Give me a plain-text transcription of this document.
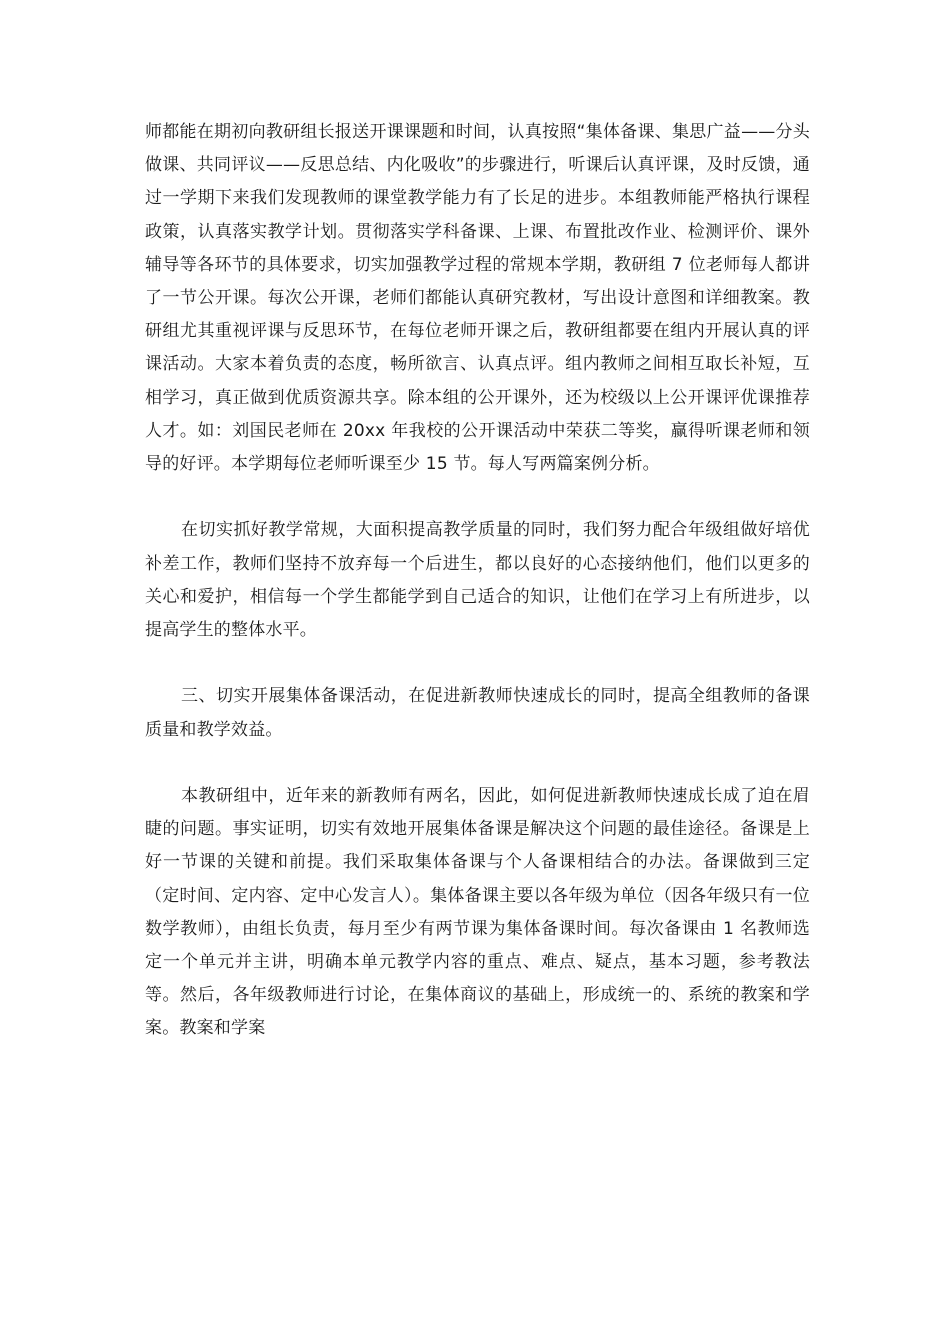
师都能在期初向教研组长报送开课课题和时间，认真按照“集体备课、集思广益——分头做课、共同评议——反思总结、内化吸收”的步骤进行，听课后认真评课，及时反馈，通过一学期下来我们发现教师的课堂教学能力有了长足的进步。本组教师能严格执行课程政策，认真落实教学计划。贯彻落实学科备课、上课、布置批改作业、检测评价、课外辅导等各环节的具体要求，切实加强教学过程的常规本学期，教研组 7 位老师每人都讲了一节公开课。每次公开课，老师们都能认真研究教材，写出设计意图和详细教案。教研组尤其重视评课与反思环节，在每位老师开课之后，教研组都要在组内开展认真的评课活动。大家本着负责的态度，畅所欲言、认真点评。组内教师之间相互取长补短，互相学习，真正做到优质资源共享。除本组的公开课外，还为校级以上公开课评优课推荐人才。如：刘国民老师在 20xx 年我校的公开课活动中荣获二等奖，赢得听课老师和领导的好评。本学期每位老师听课至少 15 节。每人写两篇案例分析。

在切实抓好教学常规，大面积提高教学质量的同时，我们努力配合年级组做好培优补差工作，教师们坚持不放弃每一个后进生，都以良好的心态接纳他们，他们以更多的关心和爱护，相信每一个学生都能学到自己适合的知识，让他们在学习上有所进步，以提高学生的整体水平。

三、切实开展集体备课活动，在促进新教师快速成长的同时，提高全组教师的备课质量和教学效益。

本教研组中，近年来的新教师有两名，因此，如何促进新教师快速成长成了迫在眉睫的问题。事实证明，切实有效地开展集体备课是解决这个问题的最佳途径。备课是上好一节课的关键和前提。我们采取集体备课与个人备课相结合的办法。备课做到三定（定时间、定内容、定中心发言人）。集体备课主要以各年级为单位（因各年级只有一位数学教师），由组长负责，每月至少有两节课为集体备课时间。每次备课由 1 名教师选定一个单元并主讲，明确本单元教学内容的重点、难点、疑点，基本习题，参考教法等。然后，各年级教师进行讨论，在集体商议的基础上，形成统一的、系统的教案和学案。教案和学案
